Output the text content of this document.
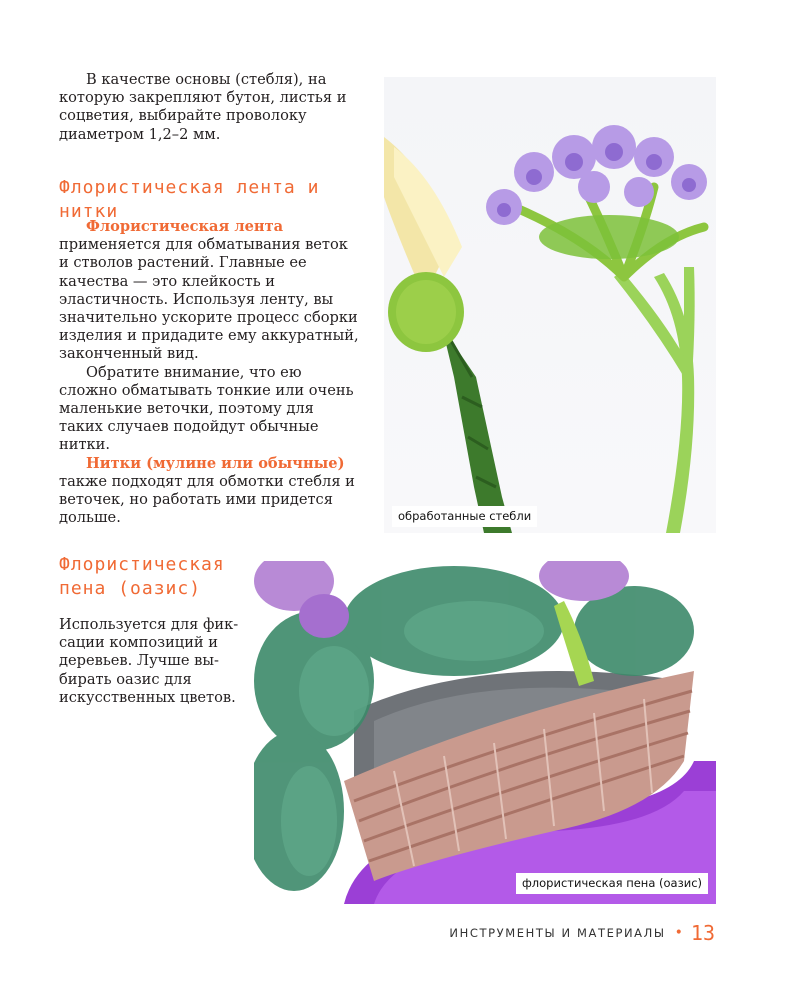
В качестве основы (стебля), на которую закрепляют бутон, листья и соцветия, выбирайте проволоку диаметром 1,2–2 мм.

Флористическая лента и нитки

Флористическая лента применяется для обматывания веток и стволов растений. Главные ее качества — это клейкость и эластичность. Используя ленту, вы значительно ускорите процесс сборки изделия и придадите ему аккуратный, законченный вид.

Обратите внимание, что ею сложно обматывать тонкие или очень маленькие веточки, поэтому для таких случаев подойдут обычные нитки.

Нитки (мулине или обычные) также подходят для обмотки стебля и веточек, но работать ими придется дольше.

Флористическая пена (оазис)

Используется для фиксации композиций и деревьев. Лучше выбирать оазис для искусственных цветов.

обработанные стебли
флористическая пена (оазис)
ИНСТРУМЕНТЫ И МАТЕРИАЛЫ • 13
